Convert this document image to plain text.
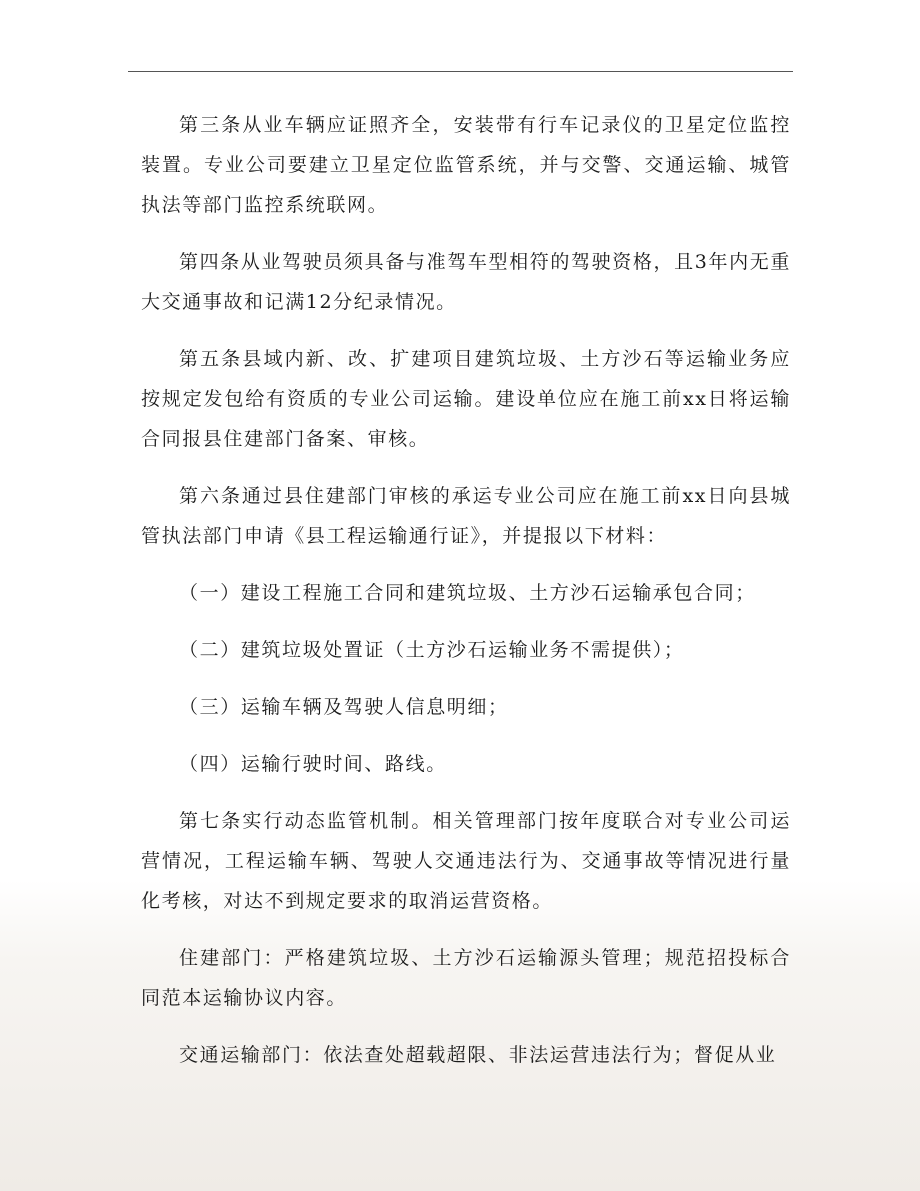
第三条从业车辆应证照齐全，安装带有行车记录仪的卫星定位监控装置。专业公司要建立卫星定位监管系统，并与交警、交通运输、城管执法等部门监控系统联网。

第四条从业驾驶员须具备与准驾车型相符的驾驶资格，且3年内无重大交通事故和记满12分纪录情况。

第五条县域内新、改、扩建项目建筑垃圾、土方沙石等运输业务应按规定发包给有资质的专业公司运输。建设单位应在施工前xx日将运输合同报县住建部门备案、审核。

第六条通过县住建部门审核的承运专业公司应在施工前xx日向县城管执法部门申请《县工程运输通行证》，并提报以下材料：

（一）建设工程施工合同和建筑垃圾、土方沙石运输承包合同；

（二）建筑垃圾处置证（土方沙石运输业务不需提供）；

（三）运输车辆及驾驶人信息明细；

（四）运输行驶时间、路线。

第七条实行动态监管机制。相关管理部门按年度联合对专业公司运营情况，工程运输车辆、驾驶人交通违法行为、交通事故等情况进行量化考核，对达不到规定要求的取消运营资格。

住建部门：严格建筑垃圾、土方沙石运输源头管理；规范招投标合同范本运输协议内容。

交通运输部门：依法查处超载超限、非法运营违法行为；督促从业
